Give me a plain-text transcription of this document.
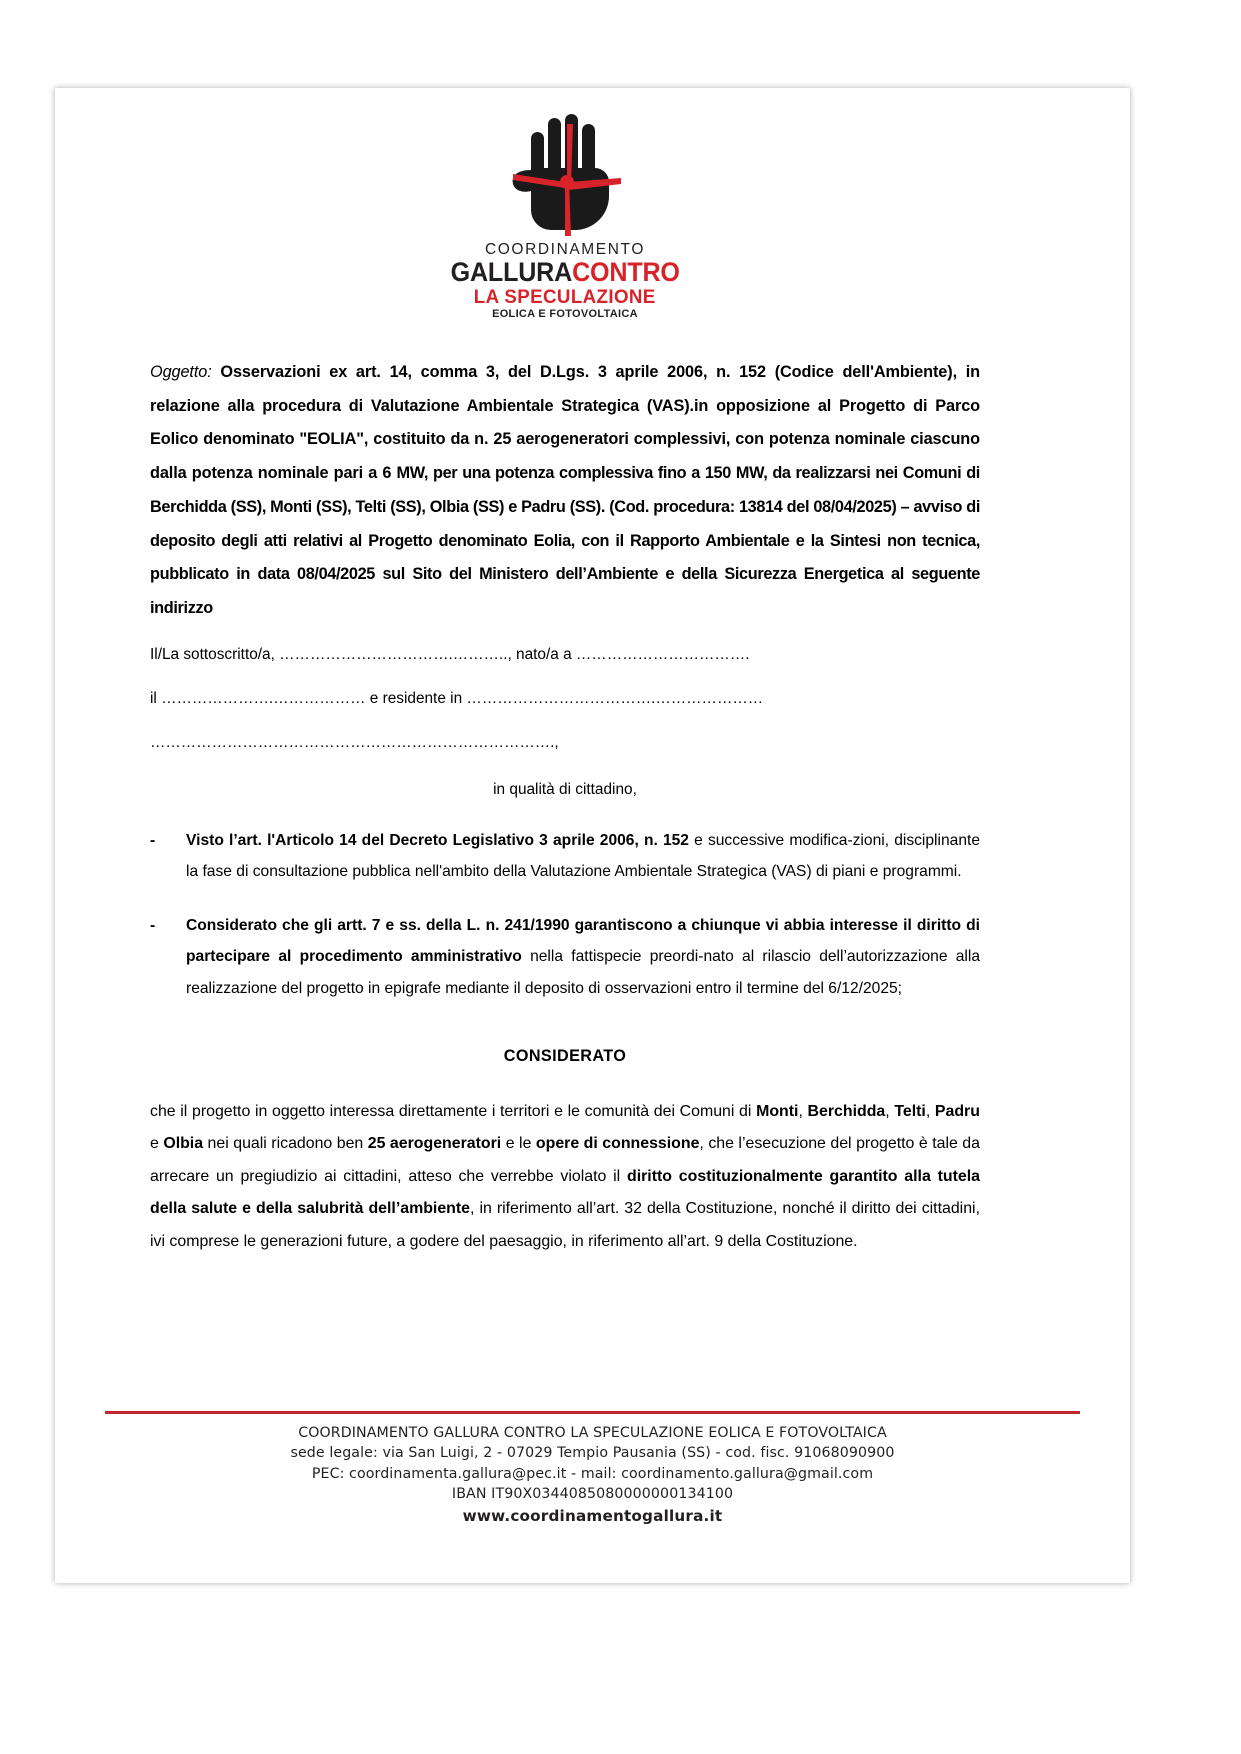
COORDINAMENTO
GALLURACONTRO
LA SPECULAZIONE
EOLICA E FOTOVOLTAICA
Oggetto: Osservazioni ex art. 14, comma 3, del D.Lgs. 3 aprile 2006, n. 152 (Codice dell'Ambiente), in relazione alla procedura di Valutazione Ambientale Strategica (VAS).in opposizione al Progetto di Parco Eolico denominato "EOLIA", costituito da n. 25 aerogeneratori complessivi, con potenza nominale ciascuno dalla potenza nominale pari a 6 MW, per una potenza complessiva fino a 150 MW, da realizzarsi nei Comuni di Berchidda (SS), Monti (SS), Telti (SS), Olbia (SS) e Padru (SS). (Cod. procedura: 13814 del 08/04/2025) – avviso di deposito degli atti relativi al Progetto denominato Eolia, con il Rapporto Ambientale e la Sintesi non tecnica, pubblicato in data 08/04/2025 sul Sito del Ministero dell’Ambiente e della Sicurezza Energetica al seguente indirizzo
Il/La sottoscritto/a, …………………………….……….., nato/a a …………………………….
il ………………….……………… e residente in ……………………………….…………………
…………………………………………………………………….,
in qualità di cittadino,
-	Visto l’art. l'Articolo 14 del Decreto Legislativo 3 aprile 2006, n. 152 e successive modifica-zioni, disciplinante la fase di consultazione pubblica nell'ambito della Valutazione Ambientale Strategica (VAS) di piani e programmi.
-	Considerato che gli artt. 7 e ss. della L. n. 241/1990 garantiscono a chiunque vi abbia interesse il diritto di partecipare al procedimento amministrativo nella fattispecie preordi-nato al rilascio dell’autorizzazione alla realizzazione del progetto in epigrafe mediante il deposito di osservazioni entro il termine del 6/12/2025;
CONSIDERATO
che il progetto in oggetto interessa direttamente i territori e le comunità dei Comuni di Monti, Berchidda, Telti, Padru e Olbia nei quali ricadono ben 25 aerogeneratori e le opere di connessione, che l’esecuzione del progetto è tale da arrecare un pregiudizio ai cittadini, atteso che verrebbe violato il diritto costituzionalmente garantito alla tutela della salute e della salubrità dell’ambiente, in riferimento all’art. 32 della Costituzione, nonché il diritto dei cittadini, ivi comprese le generazioni future, a godere del paesaggio, in riferimento all’art. 9 della Costituzione.
COORDINAMENTO GALLURA CONTRO LA SPECULAZIONE EOLICA E FOTOVOLTAICA
sede legale: via San Luigi, 2 - 07029 Tempio Pausania (SS) - cod. fisc. 91068090900
PEC: coordinamenta.gallura@pec.it - mail: coordinamento.gallura@gmail.com
IBAN IT90X0344085080000000134100
www.coordinamentogallura.it
